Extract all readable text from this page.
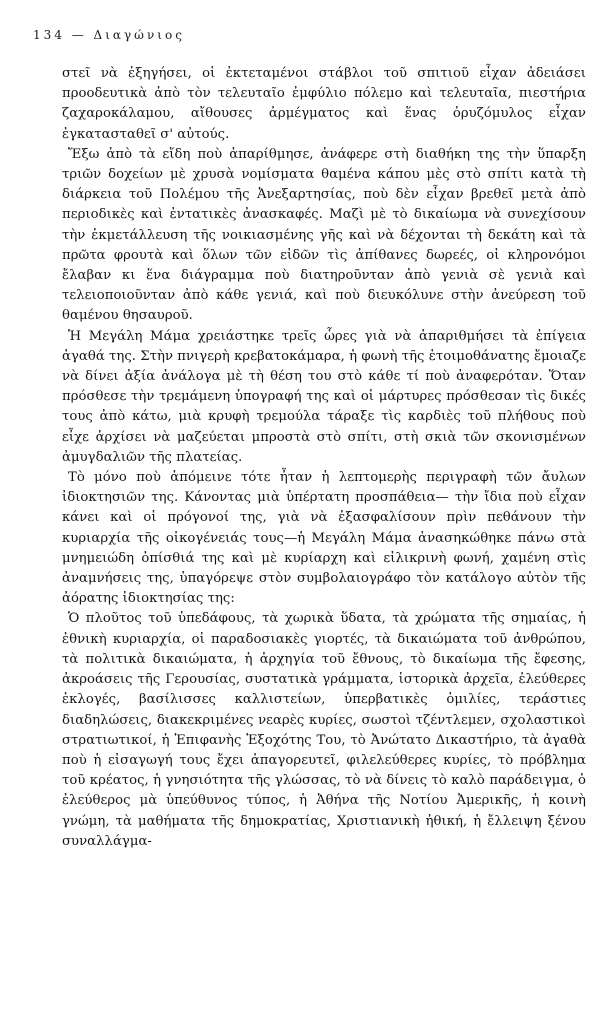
134 — Διαγώνιος

στεῖ νὰ ἐξηγήσει, οἱ ἐκτεταμένοι στάβλοι τοῦ σπιτιοῦ εἶχαν ἀδειάσει προοδευτικὰ ἀπὸ τὸν τελευταῖο ἐμφύλιο πόλεμο καὶ τελευταῖα, πιεστήρια ζαχαροκάλαμου, αἴθουσες ἀρμέγματος καὶ ἕνας ὀρυζόμυλος εἶχαν ἐγκατασταθεῖ σ' αὐτούς.

Ἔξω ἀπὸ τὰ εἴδη ποὺ ἀπαρίθμησε, ἀνάφερε στὴ διαθήκη της τὴν ὕπαρξη τριῶν δοχείων μὲ χρυσὰ νομίσματα θαμένα κάπου μὲς στὸ σπίτι κατὰ τὴ διάρκεια τοῦ Πολέμου τῆς Ἀνεξαρτησίας, ποὺ δὲν εἶχαν βρεθεῖ μετὰ ἀπὸ περιοδικὲς καὶ ἐντατικὲς ἀνασκαφές. Μαζὶ μὲ τὸ δικαίωμα νὰ συνεχίσουν τὴν ἐκμετάλλευση τῆς νοικιασμένης γῆς καὶ νὰ δέχονται τὴ δεκάτη καὶ τὰ πρῶτα φρουτὰ καὶ ὅλων τῶν εἰδῶν τὶς ἀπίθανες δωρεές, οἱ κληρονόμοι ἔλαβαν κι ἕνα διάγραμμα ποὺ διατηροῦνταν ἀπὸ γενιὰ σὲ γενιὰ καὶ τελειοποιοῦνταν ἀπὸ κάθε γενιά, καὶ ποὺ διευκόλυνε στὴν ἀνεύρεση τοῦ θαμένου θησαυροῦ.

Ἡ Μεγάλη Μάμα χρειάστηκε τρεῖς ὧρες γιὰ νὰ ἀπαριθμήσει τὰ ἐπίγεια ἀγαθά της. Στὴν πνιγερὴ κρεβατοκάμαρα, ἡ φωνὴ τῆς ἑτοιμοθάνατης ἔμοιαζε νὰ δίνει ἀξία ἀνάλογα μὲ τὴ θέση του στὸ κάθε τί ποὺ ἀναφερόταν. Ὅταν πρόσθεσε τὴν τρεμάμενη ὑπογραφή της καὶ οἱ μάρτυρες πρόσθεσαν τὶς δικές τους ἀπὸ κάτω, μιὰ κρυφὴ τρεμούλα τάραξε τὶς καρδιὲς τοῦ πλήθους ποὺ εἶχε ἀρχίσει νὰ μαζεύεται μπροστὰ στὸ σπίτι, στὴ σκιὰ τῶν σκονισμένων ἀμυγδαλιῶν τῆς πλατείας.

Τὸ μόνο ποὺ ἀπόμεινε τότε ἦταν ἡ λεπτομερὴς περιγραφὴ τῶν ἄυλων ἰδιοκτησιῶν της. Κάνοντας μιὰ ὑπέρτατη προσπάθεια— τὴν ἴδια ποὺ εἶχαν κάνει καὶ οἱ πρόγονοί της, γιὰ νὰ ἐξασφαλίσουν πρὶν πεθάνουν τὴν κυριαρχία τῆς οἰκογένειάς τους—ἡ Μεγάλη Μάμα ἀνασηκώθηκε πάνω στὰ μνημειώδη ὀπίσθιά της καὶ μὲ κυρίαρχη καὶ εἰλικρινὴ φωνή, χαμένη στὶς ἀναμνήσεις της, ὑπαγόρεψε στὸν συμβολαιογράφο τὸν κατάλογο αὐτὸν τῆς ἀόρατης ἰδιοκτησίας της:

Ὁ πλοῦτος τοῦ ὑπεδάφους, τὰ χωρικὰ ὕδατα, τὰ χρώματα τῆς σημαίας, ἡ ἐθνικὴ κυριαρχία, οἱ παραδοσιακὲς γιορτές, τὰ δικαιώματα τοῦ ἀνθρώπου, τὰ πολιτικὰ δικαιώματα, ἡ ἀρχηγία τοῦ ἔθνους, τὸ δικαίωμα τῆς ἔφεσης, ἀκροάσεις τῆς Γερουσίας, συστατικὰ γράμματα, ἱστορικὰ ἀρχεῖα, ἐλεύθερες ἐκλογές, βασίλισσες καλλιστείων, ὑπερβατικὲς ὁμιλίες, τεράστιες διαδηλώσεις, διακεκριμένες νεαρὲς κυρίες, σωστοὶ τζέντλεμεν, σχολαστικοὶ στρατιωτικοί, ἡ Ἐπιφανὴς Ἐξοχότης Του, τὸ Ἀνώτατο Δικαστήριο, τὰ ἀγαθὰ ποὺ ἡ εἰσαγωγή τους ἔχει ἀπαγορευτεῖ, φιλελεύθερες κυρίες, τὸ πρόβλημα τοῦ κρέατος, ἡ γνησιότητα τῆς γλώσσας, τὸ νὰ δίνεις τὸ καλὸ παράδειγμα, ὁ ἐλεύθερος μὰ ὑπεύθυνος τύπος, ἡ Ἀθήνα τῆς Νοτίου Ἀμερικῆς, ἡ κοινὴ γνώμη, τὰ μαθήματα τῆς δημοκρατίας, Χριστιανικὴ ἠθική, ἡ ἔλλειψη ξένου συναλλάγμα-
